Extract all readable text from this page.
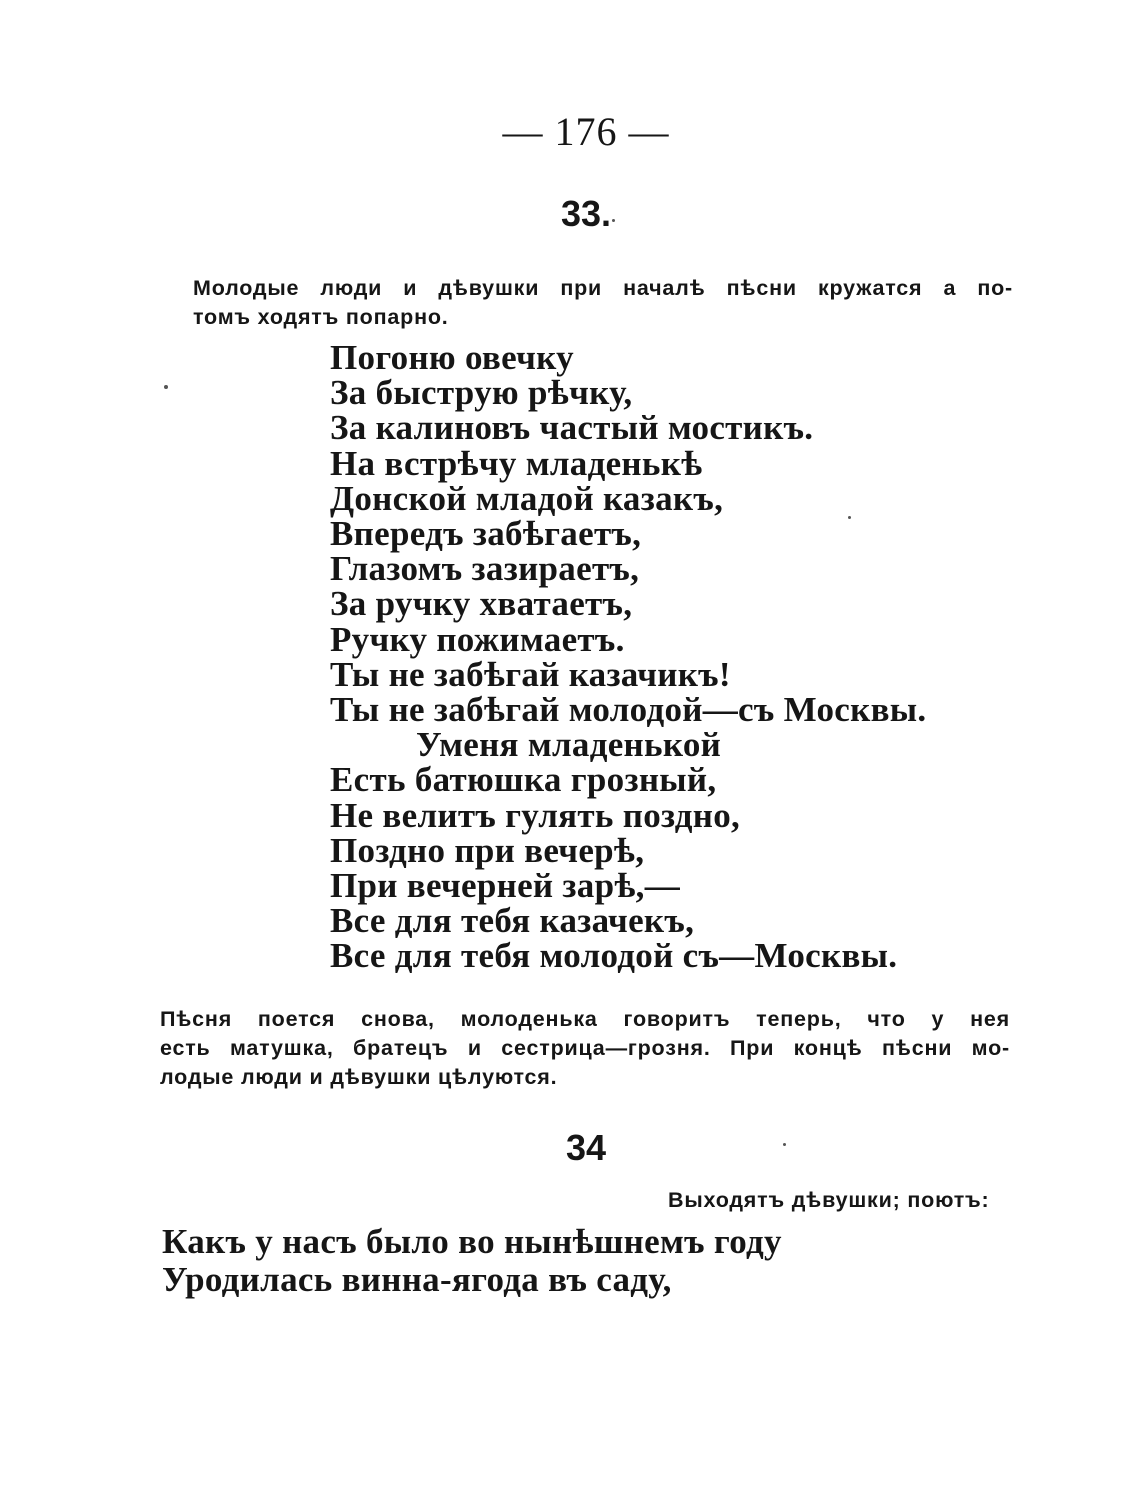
— 176 —
33.
Молодые люди и дѣвушки при началѣ пѣсни кружатся а по-
томъ ходятъ попарно.
Погоню овечку
За быструю рѣчку,
За калиновъ частый мостикъ.
На встрѣчу младенькѣ
Донской младой казакъ,
Впередъ забѣгаетъ,
Глазомъ зазираетъ,
За ручку хватаетъ,
Ручку пожимаетъ.
Ты не забѣгай казачикъ!
Ты не забѣгай молодой—съ Москвы.
Уменя младенькой
Есть батюшка грозный,
Не велитъ гулять поздно,
Поздно при вечерѣ,
При вечерней зарѣ,—
Все для тебя казачекъ,
Все для тебя молодой съ—Москвы.
Пѣсня поется снова, молоденька говоритъ теперь, что у нея
есть матушка, братецъ и сестрица—грозня. При концѣ пѣсни мо-
лодые люди и дѣвушки цѣлуются.
34
Выходятъ дѣвушки; поютъ:
Какъ у насъ было во нынѣшнемъ году
Уродилась винна-ягода въ саду,
